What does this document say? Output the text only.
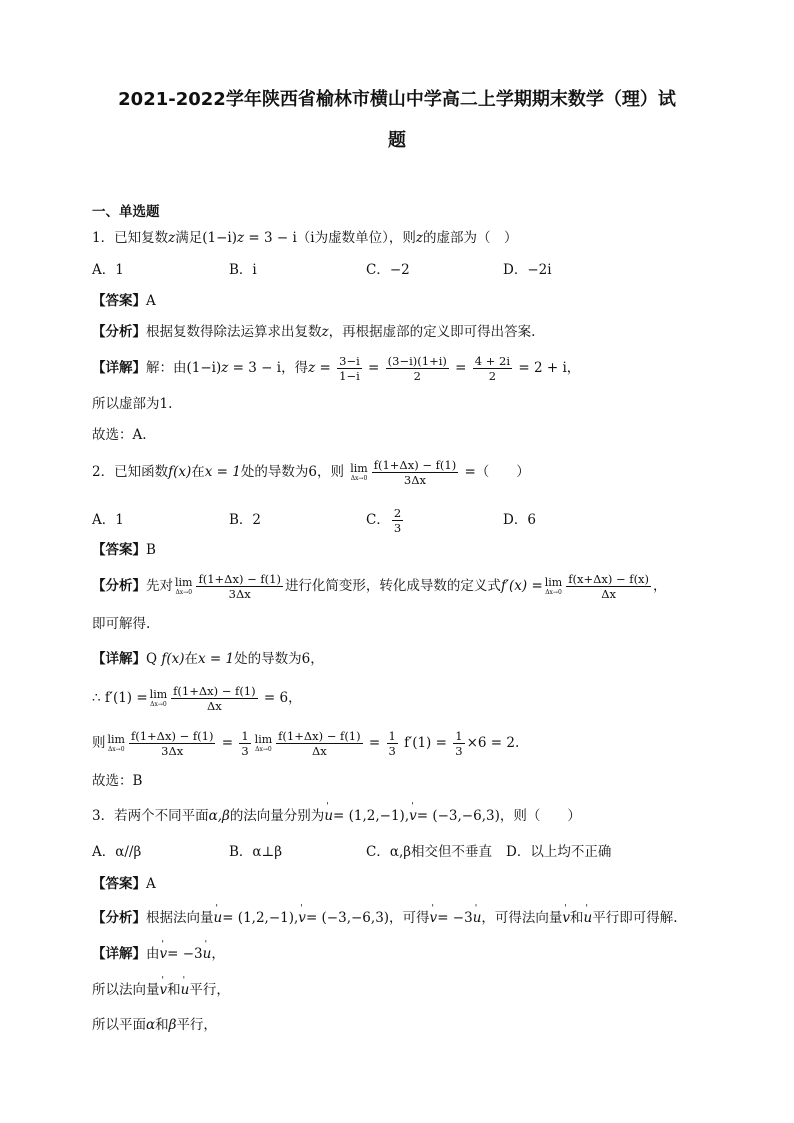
2021-2022学年陕西省榆林市横山中学高二上学期期末数学（理）试
题
一、单选题
1．已知复数z满足(1−i)z = 3 − i（i为虚数单位），则z的虚部为（　）
A．1	B．i	C．−2	D．−2i
【答案】A
【分析】根据复数得除法运算求出复数z，再根据虚部的定义即可得出答案.
【详解】解：由(1−i)z = 3 − i，得$z = \frac{3-i}{1-i} = \frac{(3-i)(1+i)}{2} = \frac{4 + 2i}{2} = 2 + i$，
所以虚部为1.
故选：A.
2．已知函数f(x)在x = 1处的导数为6，则 lim
$\Delta x\to 0 \frac{f(1+\Delta x) - f(1)}{3\Delta x}$ =（　　）
A．1	B．2	C． $\frac{2}{3}$	D．6
【答案】B
【分析】先对 lim
$\Delta x\to 0 \frac{f(1+\Delta x) - f(1)}{3\Delta x}$ 进行化简变形，转化成导数的定义式f′(x) = lim
$\Delta x\to 0 \frac{f(x+\Delta x) - f(x)}{\Delta x}$ ，
即可解得.
【详解】Q f(x)在x = 1处的导数为6，
∴ f′(1) = lim
$\Delta x\to 0 \frac{f(1+\Delta x) - f(1)}{\Delta x} = 6$，
则 lim
$\Delta x\to 0 \frac{f(1+\Delta x) - f(1)}{3\Delta x} = \frac{1}{3}$ lim
$\Delta x\to 0 \frac{f(1+\Delta x) - f(1)}{\Delta x} = \frac{1}{3} f'(1) = \frac{1}{3} \times 6 = 2$.
故选：B
3．若两个不同平面α,β的法向量分别为' u= (1,2,−1),' v= (−3,−6,3)，则（　　）
A．α//β	B．α⊥β	C．α,β相交但不垂直 D．以上均不正确
【答案】A
【分析】根据法向量' u= (1,2,−1),' v= (−3,−6,3)，可得' v= −3' u，可得法向量' v和' u平行即可得解.
【详解】由' v= −3' u，
所以法向量' v和' u平行，
所以平面α和β平行，
